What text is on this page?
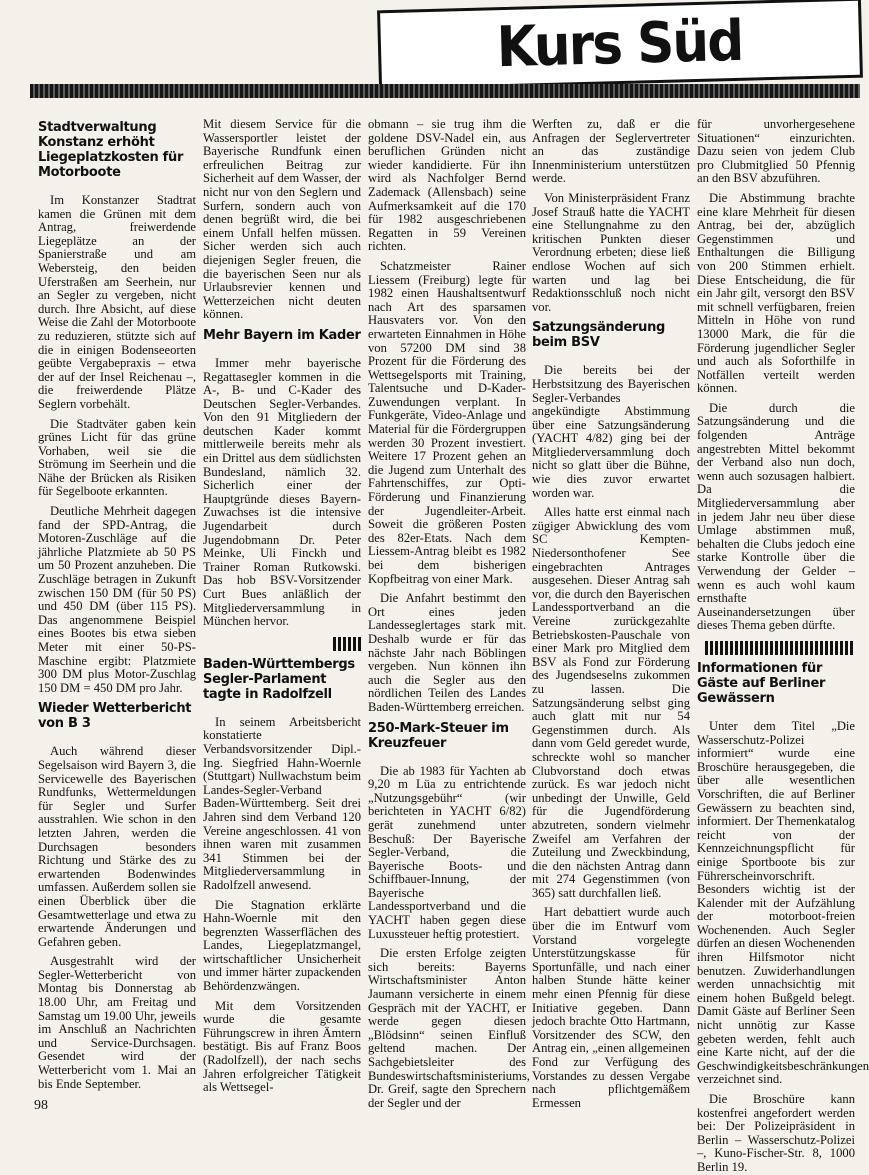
Kurs Süd
Stadtverwaltung Konstanz erhöht Liegeplatzkosten für Motorboote

Im Konstanzer Stadtrat kamen die Grünen mit dem Antrag, freiwerdende Liegeplätze an der Spanierstraße und am Webersteig, den beiden Uferstraßen am Seerhein, nur an Segler zu vergeben, nicht durch. Ihre Absicht, auf diese Weise die Zahl der Motorboote zu reduzieren, stützte sich auf die in einigen Bodenseeorten geübte Vergabepraxis – etwa der auf der Insel Reichenau –, die freiwerdende Plätze Seglern vorbehält.

Die Stadtväter gaben kein grünes Licht für das grüne Vorhaben, weil sie die Strömung im Seerhein und die Nähe der Brücken als Risiken für Segelboote erkannten.

Deutliche Mehrheit dagegen fand der SPD-Antrag, die Motoren-Zuschläge auf die jährliche Platzmiete ab 50 PS um 50 Prozent anzuheben. Die Zuschläge betragen in Zukunft zwischen 150 DM (für 50 PS) und 450 DM (über 115 PS). Das angenommene Beispiel eines Bootes bis etwa sieben Meter mit einer 50-PS-Maschine ergibt: Platzmiete 300 DM plus Motor-Zuschlag 150 DM = 450 DM pro Jahr.

Wieder Wetterbericht von B 3

Auch während dieser Segelsaison wird Bayern 3, die Servicewelle des Bayerischen Rundfunks, Wettermeldungen für Segler und Surfer ausstrahlen. Wie schon in den letzten Jahren, werden die Durchsagen besonders Richtung und Stärke des zu erwartenden Bodenwindes umfassen. Außerdem sollen sie einen Überblick über die Gesamtwetterlage und etwa zu erwartende Änderungen und Gefahren geben.

Ausgestrahlt wird der Segler-Wetterbericht von Montag bis Donnerstag ab 18.00 Uhr, am Freitag und Samstag um 19.00 Uhr, jeweils im Anschluß an Nachrichten und Service-Durchsagen. Gesendet wird der Wetterbericht vom 1. Mai an bis Ende September.

Mit diesem Service für die Wassersportler leistet der Bayerische Rundfunk einen erfreulichen Beitrag zur Sicherheit auf dem Wasser, der nicht nur von den Seglern und Surfern, sondern auch von denen begrüßt wird, die bei einem Unfall helfen müssen. Sicher werden sich auch diejenigen Segler freuen, die die bayerischen Seen nur als Urlaubsrevier kennen und Wetterzeichen nicht deuten können.

Mehr Bayern im Kader

Immer mehr bayerische Regattasegler kommen in die A-, B- und C-Kader des Deutschen Segler-Verbandes. Von den 91 Mitgliedern der deutschen Kader kommt mittlerweile bereits mehr als ein Drittel aus dem südlichsten Bundesland, nämlich 32. Sicherlich einer der Hauptgründe dieses Bayern-Zuwachses ist die intensive Jugendarbeit durch Jugendobmann Dr. Peter Meinke, Uli Finckh und Trainer Roman Rutkowski. Das hob BSV-Vorsitzender Curt Bues anläßlich der Mitgliederversammlung in München hervor.

Baden-Württembergs Segler-Parlament tagte in Radolfzell

In seinem Arbeitsbericht konstatierte Verbandsvorsitzender Dipl.-Ing. Siegfried Hahn-Woernle (Stuttgart) Nullwachstum beim Landes-Segler-Verband Baden-Württemberg. Seit drei Jahren sind dem Verband 120 Vereine angeschlossen. 41 von ihnen waren mit zusammen 341 Stimmen bei der Mitgliederversammlung in Radolfzell anwesend.

Die Stagnation erklärte Hahn-Woernle mit den begrenzten Wasserflächen des Landes, Liegeplatzmangel, wirtschaftlicher Unsicherheit und immer härter zupackenden Behördenzwängen.

Mit dem Vorsitzenden wurde die gesamte Führungscrew in ihren Ämtern bestätigt. Bis auf Franz Boos (Radolfzell), der nach sechs Jahren erfolgreicher Tätigkeit als Wettsegel-

obmann – sie trug ihm die goldene DSV-Nadel ein, aus beruflichen Gründen nicht wieder kandidierte. Für ihn wird als Nachfolger Bernd Zademack (Allensbach) seine Aufmerksamkeit auf die 170 für 1982 ausgeschriebenen Regatten in 59 Vereinen richten.

Schatzmeister Rainer Liessem (Freiburg) legte für 1982 einen Haushaltsentwurf nach Art des sparsamen Hausvaters vor. Von den erwarteten Einnahmen in Höhe von 57200 DM sind 38 Prozent für die Förderung des Wettsegelsports mit Training, Talentsuche und D-Kader-Zuwendungen verplant. In Funkgeräte, Video-Anlage und Material für die Fördergruppen werden 30 Prozent investiert. Weitere 17 Prozent gehen an die Jugend zum Unterhalt des Fahrtenschiffes, zur Opti-Förderung und Finanzierung der Jugendleiter-Arbeit. Soweit die größeren Posten des 82er-Etats. Nach dem Liessem-Antrag bleibt es 1982 bei dem bisherigen Kopfbeitrag von einer Mark.

Die Anfahrt bestimmt den Ort eines jeden Landesseglertages stark mit. Deshalb wurde er für das nächste Jahr nach Böblingen vergeben. Nun können ihn auch die Segler aus den nördlichen Teilen des Landes Baden-Württemberg erreichen.

250-Mark-Steuer im Kreuzfeuer

Die ab 1983 für Yachten ab 9,20 m Lüa zu entrichtende „Nutzungsgebühr“ (wir berichteten in YACHT 6/82) gerät zunehmend unter Beschuß: Der Bayerische Segler-Verband, die Bayerische Boots- und Schiffbauer-Innung, der Bayerische Landessportverband und die YACHT haben gegen diese Luxussteuer heftig protestiert.

Die ersten Erfolge zeigten sich bereits: Bayerns Wirtschaftsminister Anton Jaumann versicherte in einem Gespräch mit der YACHT, er werde gegen diesen „Blödsinn“ seinen Einfluß geltend machen. Der Sachgebietsleiter des Bundeswirtschaftsministeriums, Dr. Greif, sagte den Sprechern der Segler und der

Werften zu, daß er die Anfragen der Seglervertreter an das zuständige Innenministerium unterstützen werde.

Von Ministerpräsident Franz Josef Strauß hatte die YACHT eine Stellungnahme zu den kritischen Punkten dieser Verordnung erbeten; diese ließ endlose Wochen auf sich warten und lag bei Redaktionsschluß noch nicht vor.

Satzungsänderung beim BSV

Die bereits bei der Herbstsitzung des Bayerischen Segler-Verbandes angekündigte Abstimmung über eine Satzungsänderung (YACHT 4/82) ging bei der Mitgliederversammlung doch nicht so glatt über die Bühne, wie dies zuvor erwartet worden war.

Alles hatte erst einmal nach zügiger Abwicklung des vom SC Kempten-Niedersonthofener See eingebrachten Antrages ausgesehen. Dieser Antrag sah vor, die durch den Bayerischen Landessportverband an die Vereine zurückgezahlte Betriebskosten-Pauschale von einer Mark pro Mitglied dem BSV als Fond zur Förderung des Jugendseselns zukommen zu lassen. Die Satzungsänderung selbst ging auch glatt mit nur 54 Gegenstimmen durch. Als dann vom Geld geredet wurde, schreckte wohl so mancher Clubvorstand doch etwas zurück. Es war jedoch nicht unbedingt der Unwille, Geld für die Jugendförderung abzutreten, sondern vielmehr Zweifel am Verfahren der Zuteilung und Zweckbindung, die den nächsten Antrag dann mit 274 Gegenstimmen (von 365) satt durchfallen ließ.

Hart debattiert wurde auch über die im Entwurf vom Vorstand vorgelegte Unterstützungskasse für Sportunfälle, und nach einer halben Stunde hätte keiner mehr einen Pfennig für diese Initiative gegeben. Dann jedoch brachte Otto Hartmann, Vorsitzender des SCW, den Antrag ein, „einen allgemeinen Fond zur Verfügung des Vorstandes zu dessen Vergabe nach pflichtgemäßem Ermessen

für unvorhergesehene Situationen“ einzurichten. Dazu seien von jedem Club pro Clubmitglied 50 Pfennig an den BSV abzuführen.

Die Abstimmung brachte eine klare Mehrheit für diesen Antrag, bei der, abzüglich Gegenstimmen und Enthaltungen die Billigung von 200 Stimmen erhielt. Diese Entscheidung, die für ein Jahr gilt, versorgt den BSV mit schnell verfügbaren, freien Mitteln in Höhe von rund 13000 Mark, die für die Förderung jugendlicher Segler und auch als Soforthilfe in Notfällen verteilt werden können.

Die durch die Satzungsänderung und die folgenden Anträge angestrebten Mittel bekommt der Verband also nun doch, wenn auch sozusagen halbiert. Da die Mitgliederversammlung aber in jedem Jahr neu über diese Umlage abstimmen muß, behalten die Clubs jedoch eine starke Kontrolle über die Verwendung der Gelder – wenn es auch wohl kaum ernsthafte Auseinandersetzungen über dieses Thema geben dürfte.

Informationen für Gäste auf Berliner Gewässern

Unter dem Titel „Die Wasserschutz-Polizei informiert“ wurde eine Broschüre herausgegeben, die über alle wesentlichen Vorschriften, die auf Berliner Gewässern zu beachten sind, informiert. Der Themenkatalog reicht von der Kennzeichnungspflicht für einige Sportboote bis zur Führerscheinvorschrift. Besonders wichtig ist der Kalender mit der Aufzählung der motorboot-freien Wochenenden. Auch Segler dürfen an diesen Wochenenden ihren Hilfsmotor nicht benutzen. Zuwiderhandlungen werden unnachsichtig mit einem hohen Bußgeld belegt. Damit Gäste auf Berliner Seen nicht unnötig zur Kasse gebeten werden, fehlt auch eine Karte nicht, auf der die Geschwindigkeitsbeschränkungen verzeichnet sind.

Die Broschüre kann kostenfrei angefordert werden bei: Der Polizeipräsident in Berlin – Wasserschutz-Polizei –, Kuno-Fischer-Str. 8, 1000 Berlin 19.

98
